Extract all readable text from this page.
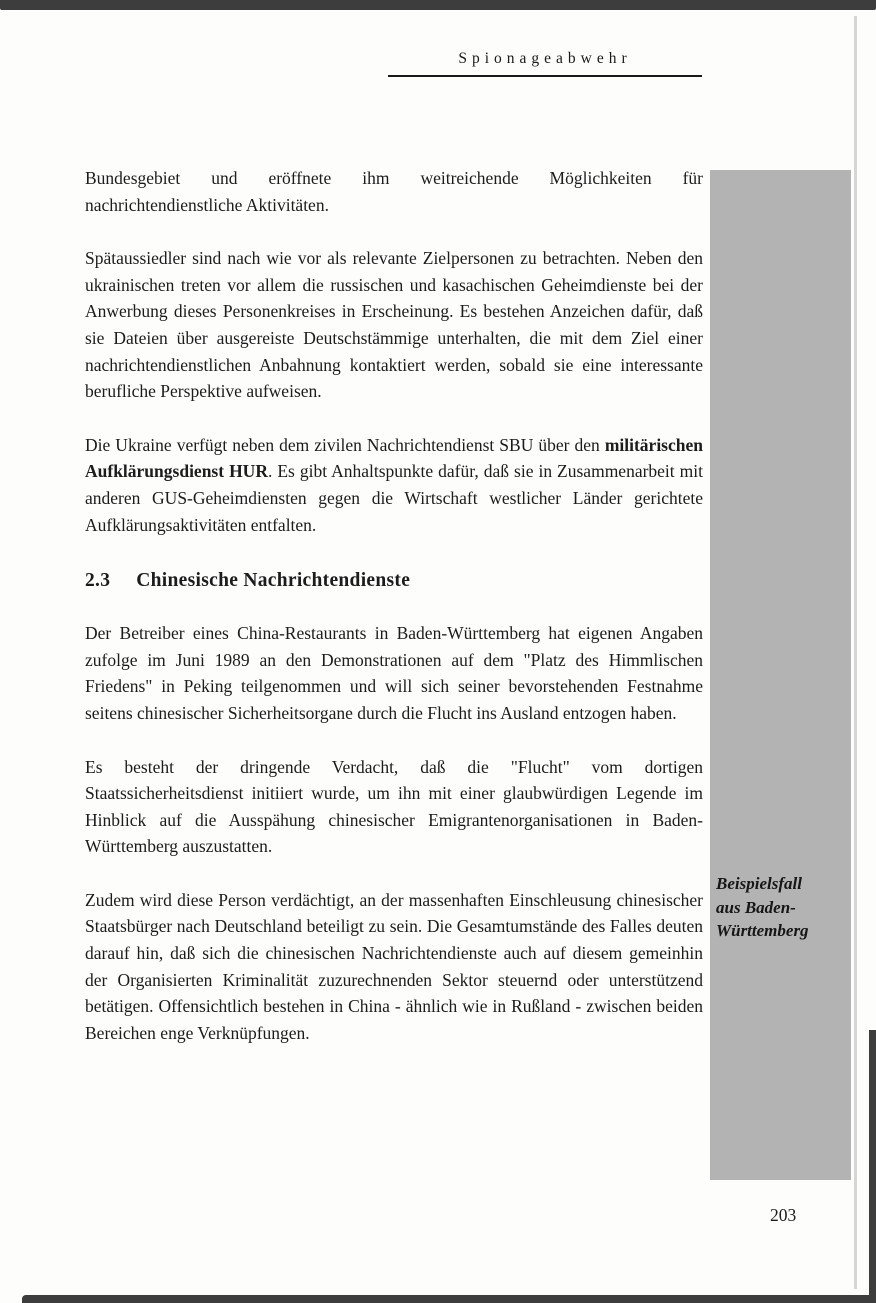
Spionageabwehr

Bundesgebiet und eröffnete ihm weitreichende Möglichkeiten für nachrichtendienstliche Aktivitäten.

Spätaussiedler sind nach wie vor als relevante Zielpersonen zu betrachten. Neben den ukrainischen treten vor allem die russischen und kasachischen Geheimdienste bei der Anwerbung dieses Personenkreises in Erscheinung. Es bestehen Anzeichen dafür, daß sie Dateien über ausgereiste Deutschstämmige unterhalten, die mit dem Ziel einer nachrichtendienstlichen Anbahnung kontaktiert werden, sobald sie eine interessante berufliche Perspektive aufweisen.

Die Ukraine verfügt neben dem zivilen Nachrichtendienst SBU über den militärischen Aufklärungsdienst HUR. Es gibt Anhaltspunkte dafür, daß sie in Zusammenarbeit mit anderen GUS-Geheimdiensten gegen die Wirtschaft westlicher Länder gerichtete Aufklärungsaktivitäten entfalten.

2.3 Chinesische Nachrichtendienste

Der Betreiber eines China-Restaurants in Baden-Württemberg hat eigenen Angaben zufolge im Juni 1989 an den Demonstrationen auf dem "Platz des Himmlischen Friedens" in Peking teilgenommen und will sich seiner bevorstehenden Festnahme seitens chinesischer Sicherheitsorgane durch die Flucht ins Ausland entzogen haben.

Es besteht der dringende Verdacht, daß die "Flucht" vom dortigen Staatssicherheitsdienst initiiert wurde, um ihn mit einer glaubwürdigen Legende im Hinblick auf die Ausspähung chinesischer Emigrantenorganisationen in Baden-Württemberg auszustatten.

Zudem wird diese Person verdächtigt, an der massenhaften Einschleusung chinesischer Staatsbürger nach Deutschland beteiligt zu sein. Die Gesamtumstände des Falles deuten darauf hin, daß sich die chinesischen Nachrichtendienste auch auf diesem gemeinhin der Organisierten Kriminalität zuzurechnenden Sektor steuernd oder unterstützend betätigen. Offensichtlich bestehen in China - ähnlich wie in Rußland - zwischen beiden Bereichen enge Verknüpfungen.

Beispielsfall
aus Baden-
Württemberg
203
